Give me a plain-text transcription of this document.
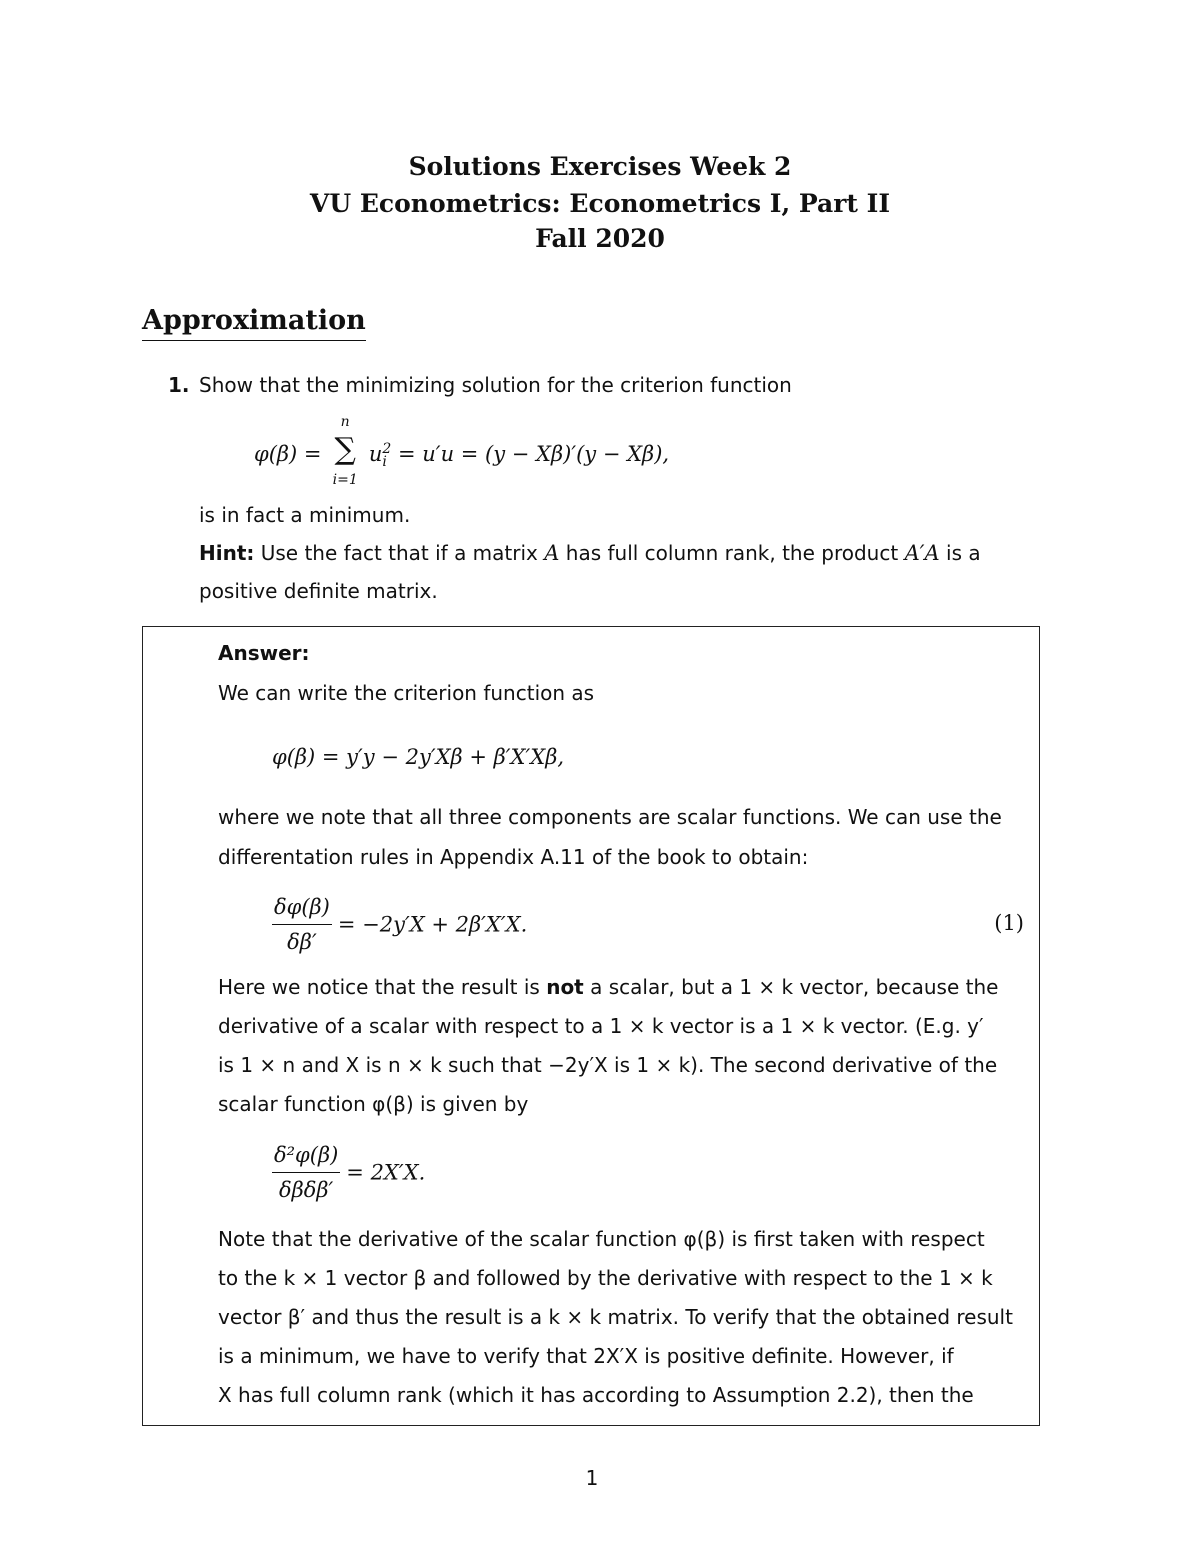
Solutions Exercises Week 2
VU Econometrics: Econometrics I, Part II
Fall 2020
Approximation
1. Show that the minimizing solution for the criterion function
φ(β) =
n
∑
i=1
u 2
i = u′u = (y − Xβ)′(y − Xβ),
is in fact a minimum.
Hint: Use the fact that if a matrix A has full column rank, the product A′A is a
positive definite matrix.
Answer:
We can write the criterion function as
φ(β) = y′y − 2y′Xβ + β′X′Xβ,
where we note that all three components are scalar functions. We can use the
differentation rules in Appendix A.11 of the book to obtain:
$\frac{\delta\varphi(\beta)}{\delta\beta'} = -2y'X + 2\beta'X'X$.	(1)
Here we notice that the result is not a scalar, but a 1 × k vector, because the
derivative of a scalar with respect to a 1 × k vector is a 1 × k vector. (E.g. y′
is 1 × n and X is n × k such that −2y′X is 1 × k). The second derivative of the
scalar function φ(β) is given by
$\frac{\text{δ²φ(β)}}{\text{δβδβ′}} = 2X'X$.
Note that the derivative of the scalar function φ(β) is first taken with respect
to the k × 1 vector β and followed by the derivative with respect to the 1 × k
vector β′ and thus the result is a k × k matrix. To verify that the obtained result
is a minimum, we have to verify that 2X′X is positive definite. However, if
X has full column rank (which it has according to Assumption 2.2), then the
1
